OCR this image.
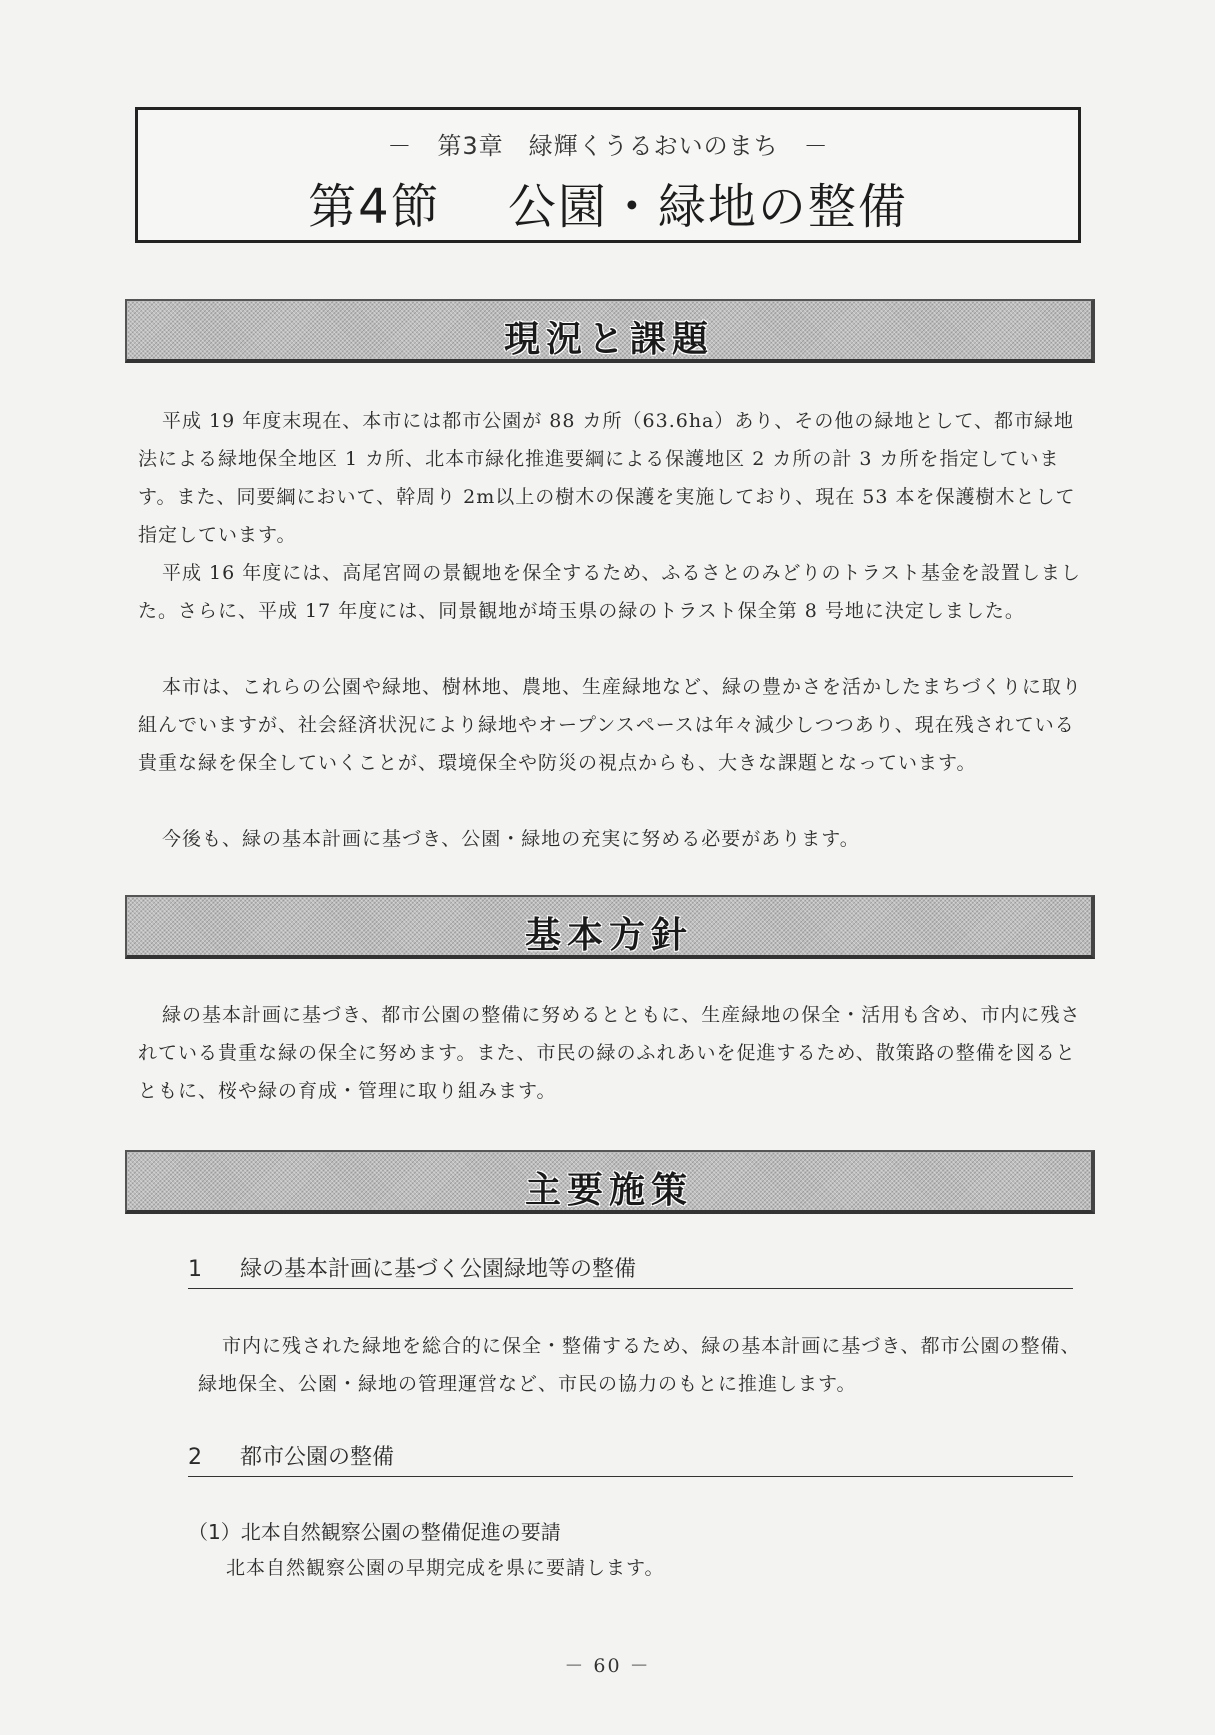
－　第3章　緑輝くうるおいのまち　－
第4節　 公園・緑地の整備
現況と課題

平成 19 年度末現在、本市には都市公園が 88 カ所（63.6ha）あり、その他の緑地として、都市緑地法による緑地保全地区 1 カ所、北本市緑化推進要綱による保護地区 2 カ所の計 3 カ所を指定しています。また、同要綱において、幹周り 2m以上の樹木の保護を実施しており、現在 53 本を保護樹木として指定しています。

平成 16 年度には、高尾宮岡の景観地を保全するため、ふるさとのみどりのトラスト基金を設置しました。さらに、平成 17 年度には、同景観地が埼玉県の緑のトラスト保全第 8 号地に決定しました。

本市は、これらの公園や緑地、樹林地、農地、生産緑地など、緑の豊かさを活かしたまちづくりに取り組んでいますが、社会経済状況により緑地やオープンスペースは年々減少しつつあり、現在残されている貴重な緑を保全していくことが、環境保全や防災の視点からも、大きな課題となっています。

今後も、緑の基本計画に基づき、公園・緑地の充実に努める必要があります。

基本方針

緑の基本計画に基づき、都市公園の整備に努めるとともに、生産緑地の保全・活用も含め、市内に残されている貴重な緑の保全に努めます。また、市民の緑のふれあいを促進するため、散策路の整備を図るとともに、桜や緑の育成・管理に取り組みます。

主要施策
1 緑の基本計画に基づく公園緑地等の整備

市内に残された緑地を総合的に保全・整備するため、緑の基本計画に基づき、都市公園の整備、緑地保全、公園・緑地の管理運営など、市民の協力のもとに推進します。

2 都市公園の整備
（1）北本自然観察公園の整備促進の要請
北本自然観察公園の早期完成を県に要請します。
－ 60 －
